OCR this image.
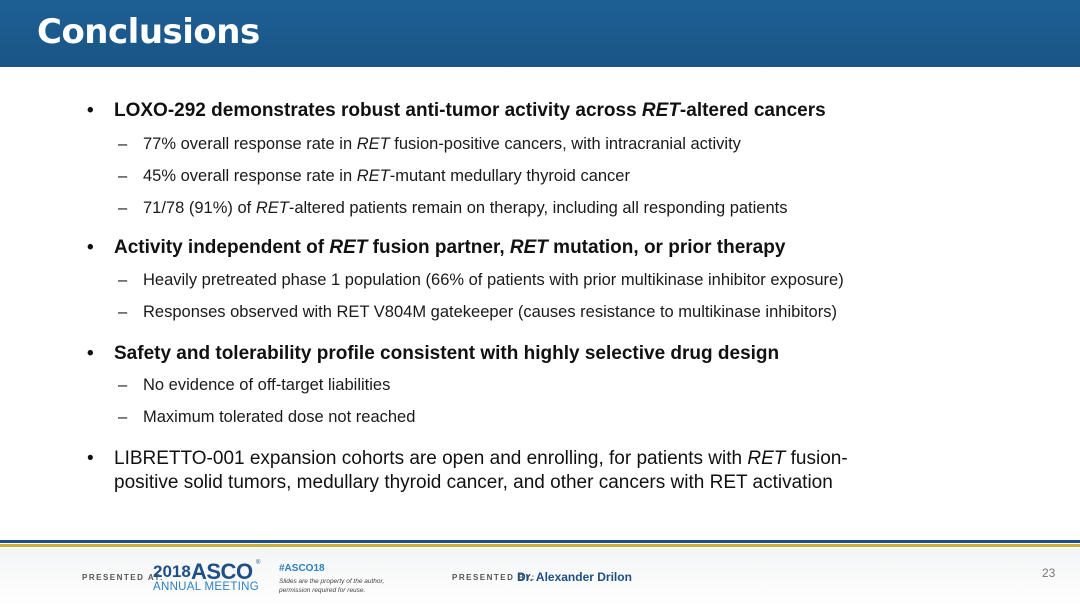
Conclusions
• LOXO-292 demonstrates robust anti-tumor activity across RET-altered cancers
– 77% overall response rate in RET fusion-positive cancers, with intracranial activity
– 45% overall response rate in RET-mutant medullary thyroid cancer
– 71/78 (91%) of RET-altered patients remain on therapy, including all responding patients
• Activity independent of RET fusion partner, RET mutation, or prior therapy
– Heavily pretreated phase 1 population (66% of patients with prior multikinase inhibitor exposure)
– Responses observed with RET V804M gatekeeper (causes resistance to multikinase inhibitors)
• Safety and tolerability profile consistent with highly selective drug design
– No evidence of off-target liabilities
– Maximum tolerated dose not reached
• LIBRETTO-001 expansion cohorts are open and enrolling, for patients with RET fusion-positive solid tumors, medullary thyroid cancer, and other cancers with RET activation
PRESENTED AT:
2018 ASCO ®
ANNUAL MEETING
#ASCO18
Slides are the property of the author,
permission required for reuse.
PRESENTED BY:
Dr. Alexander Drilon	23
